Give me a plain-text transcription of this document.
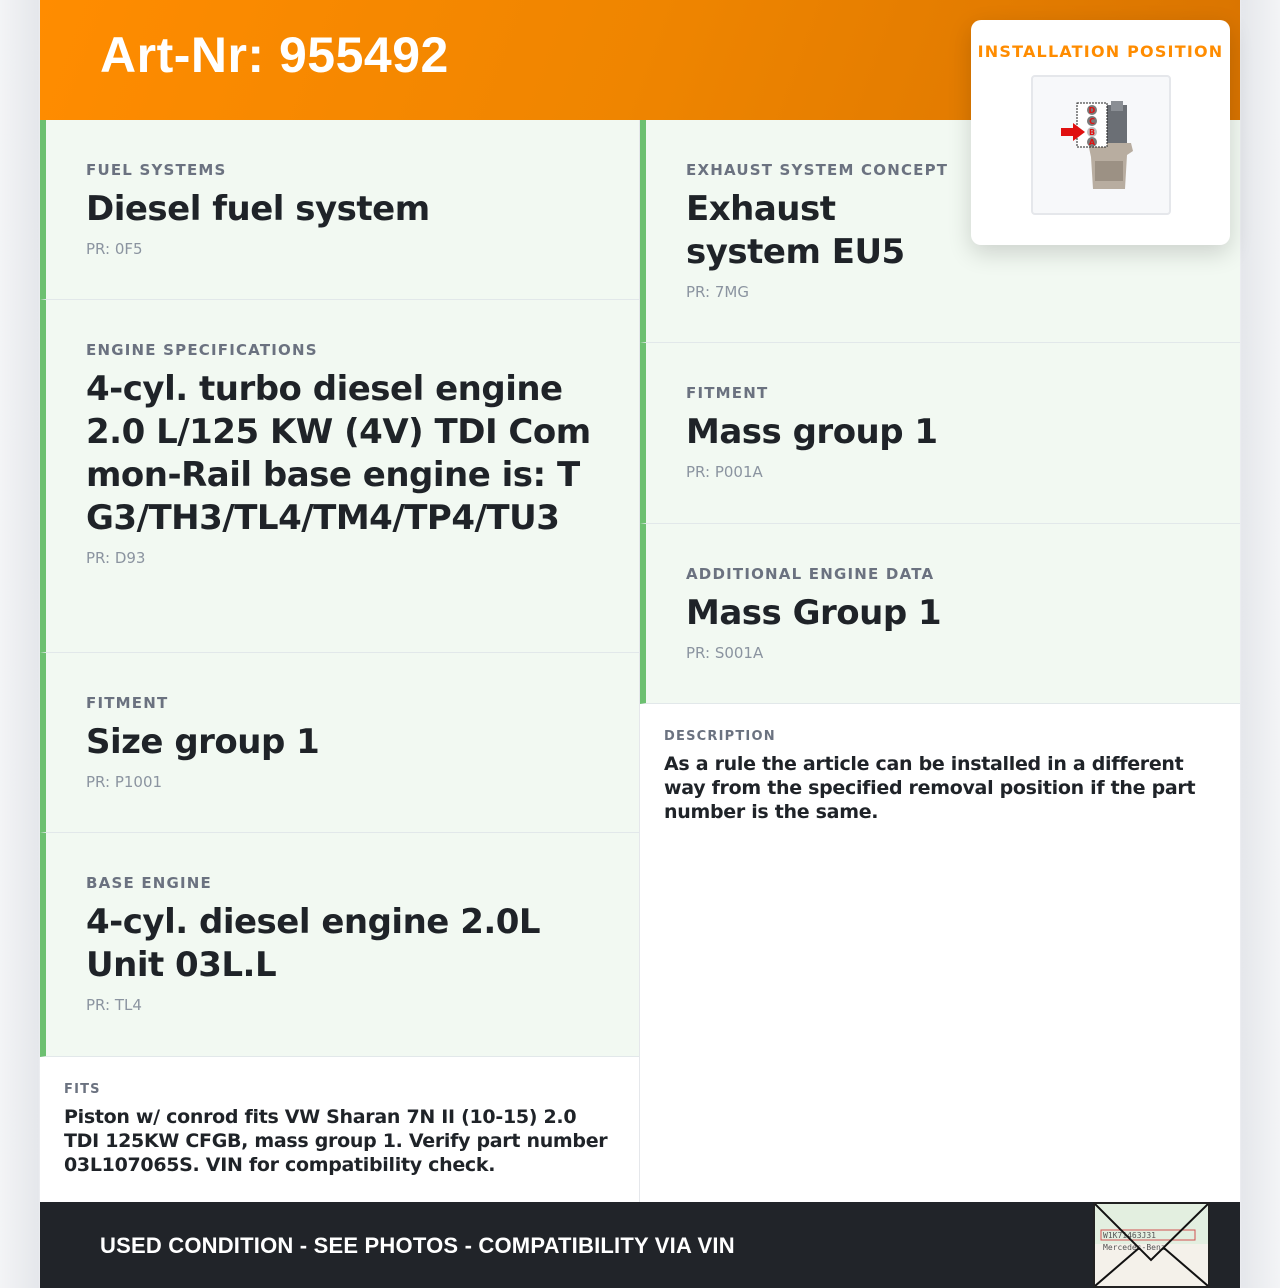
Art-Nr: 955492	INSTALLATION POSITION
D
C
B
A
FUEL SYSTEMS
Diesel fuel system
PR: 0F5
ENGINE SPECIFICATIONS
4-cyl. turbo diesel engine 2.0 L/125 KW (4V) TDI Common-Rail base engine is: TG3/TH3/TL4/TM4/TP4/TU3
PR: D93
FITMENT
Size group 1
PR: P1001
BASE ENGINE
4-cyl. diesel engine 2.0L Unit 03L.L
PR: TL4
FITS
Piston w/ conrod fits VW Sharan 7N II (10-15) 2.0 TDI 125KW CFGB, mass group 1. Verify part number 03L107065S. VIN for compatibility check.
EXHAUST SYSTEM CONCEPT
Exhaust system EU5
PR: 7MG
FITMENT
Mass group 1
PR: P001A
ADDITIONAL ENGINE DATA
Mass Group 1
PR: S001A
DESCRIPTION
As a rule the article can be installed in a different way from the specified removal position if the part number is the same.
USED CONDITION - SEE PHOTOS - COMPATIBILITY VIA VIN	W1K71463J31
Mercedes-Benz
